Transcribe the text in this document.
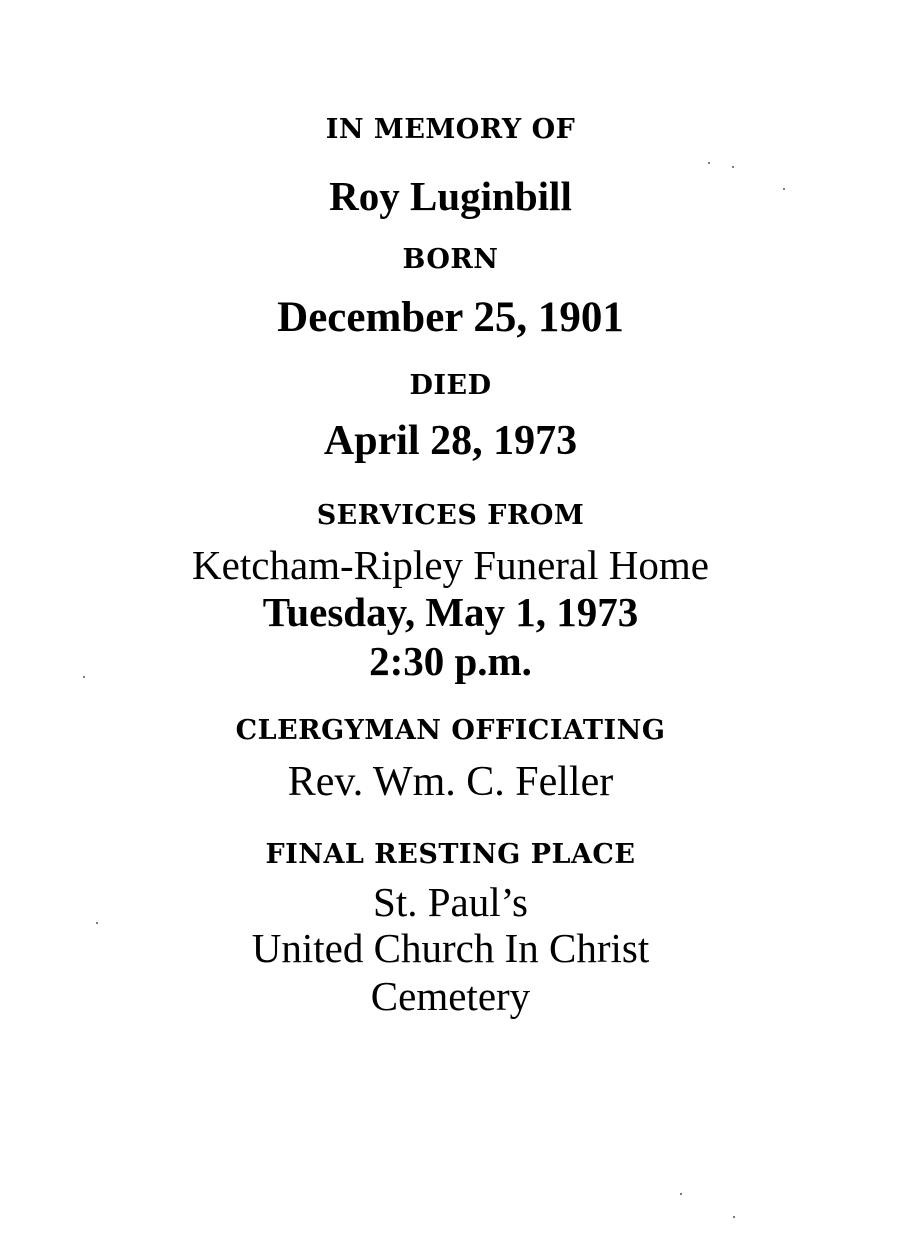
IN MEMORY OF
Roy Luginbill
BORN
December 25, 1901
DIED
April 28, 1973
SERVICES FROM
Ketcham-Ripley Funeral Home
Tuesday, May 1, 1973
2:30 p.m.
CLERGYMAN OFFICIATING
Rev. Wm. C. Feller
FINAL RESTING PLACE
St. Paul’s
United Church In Christ
Cemetery
